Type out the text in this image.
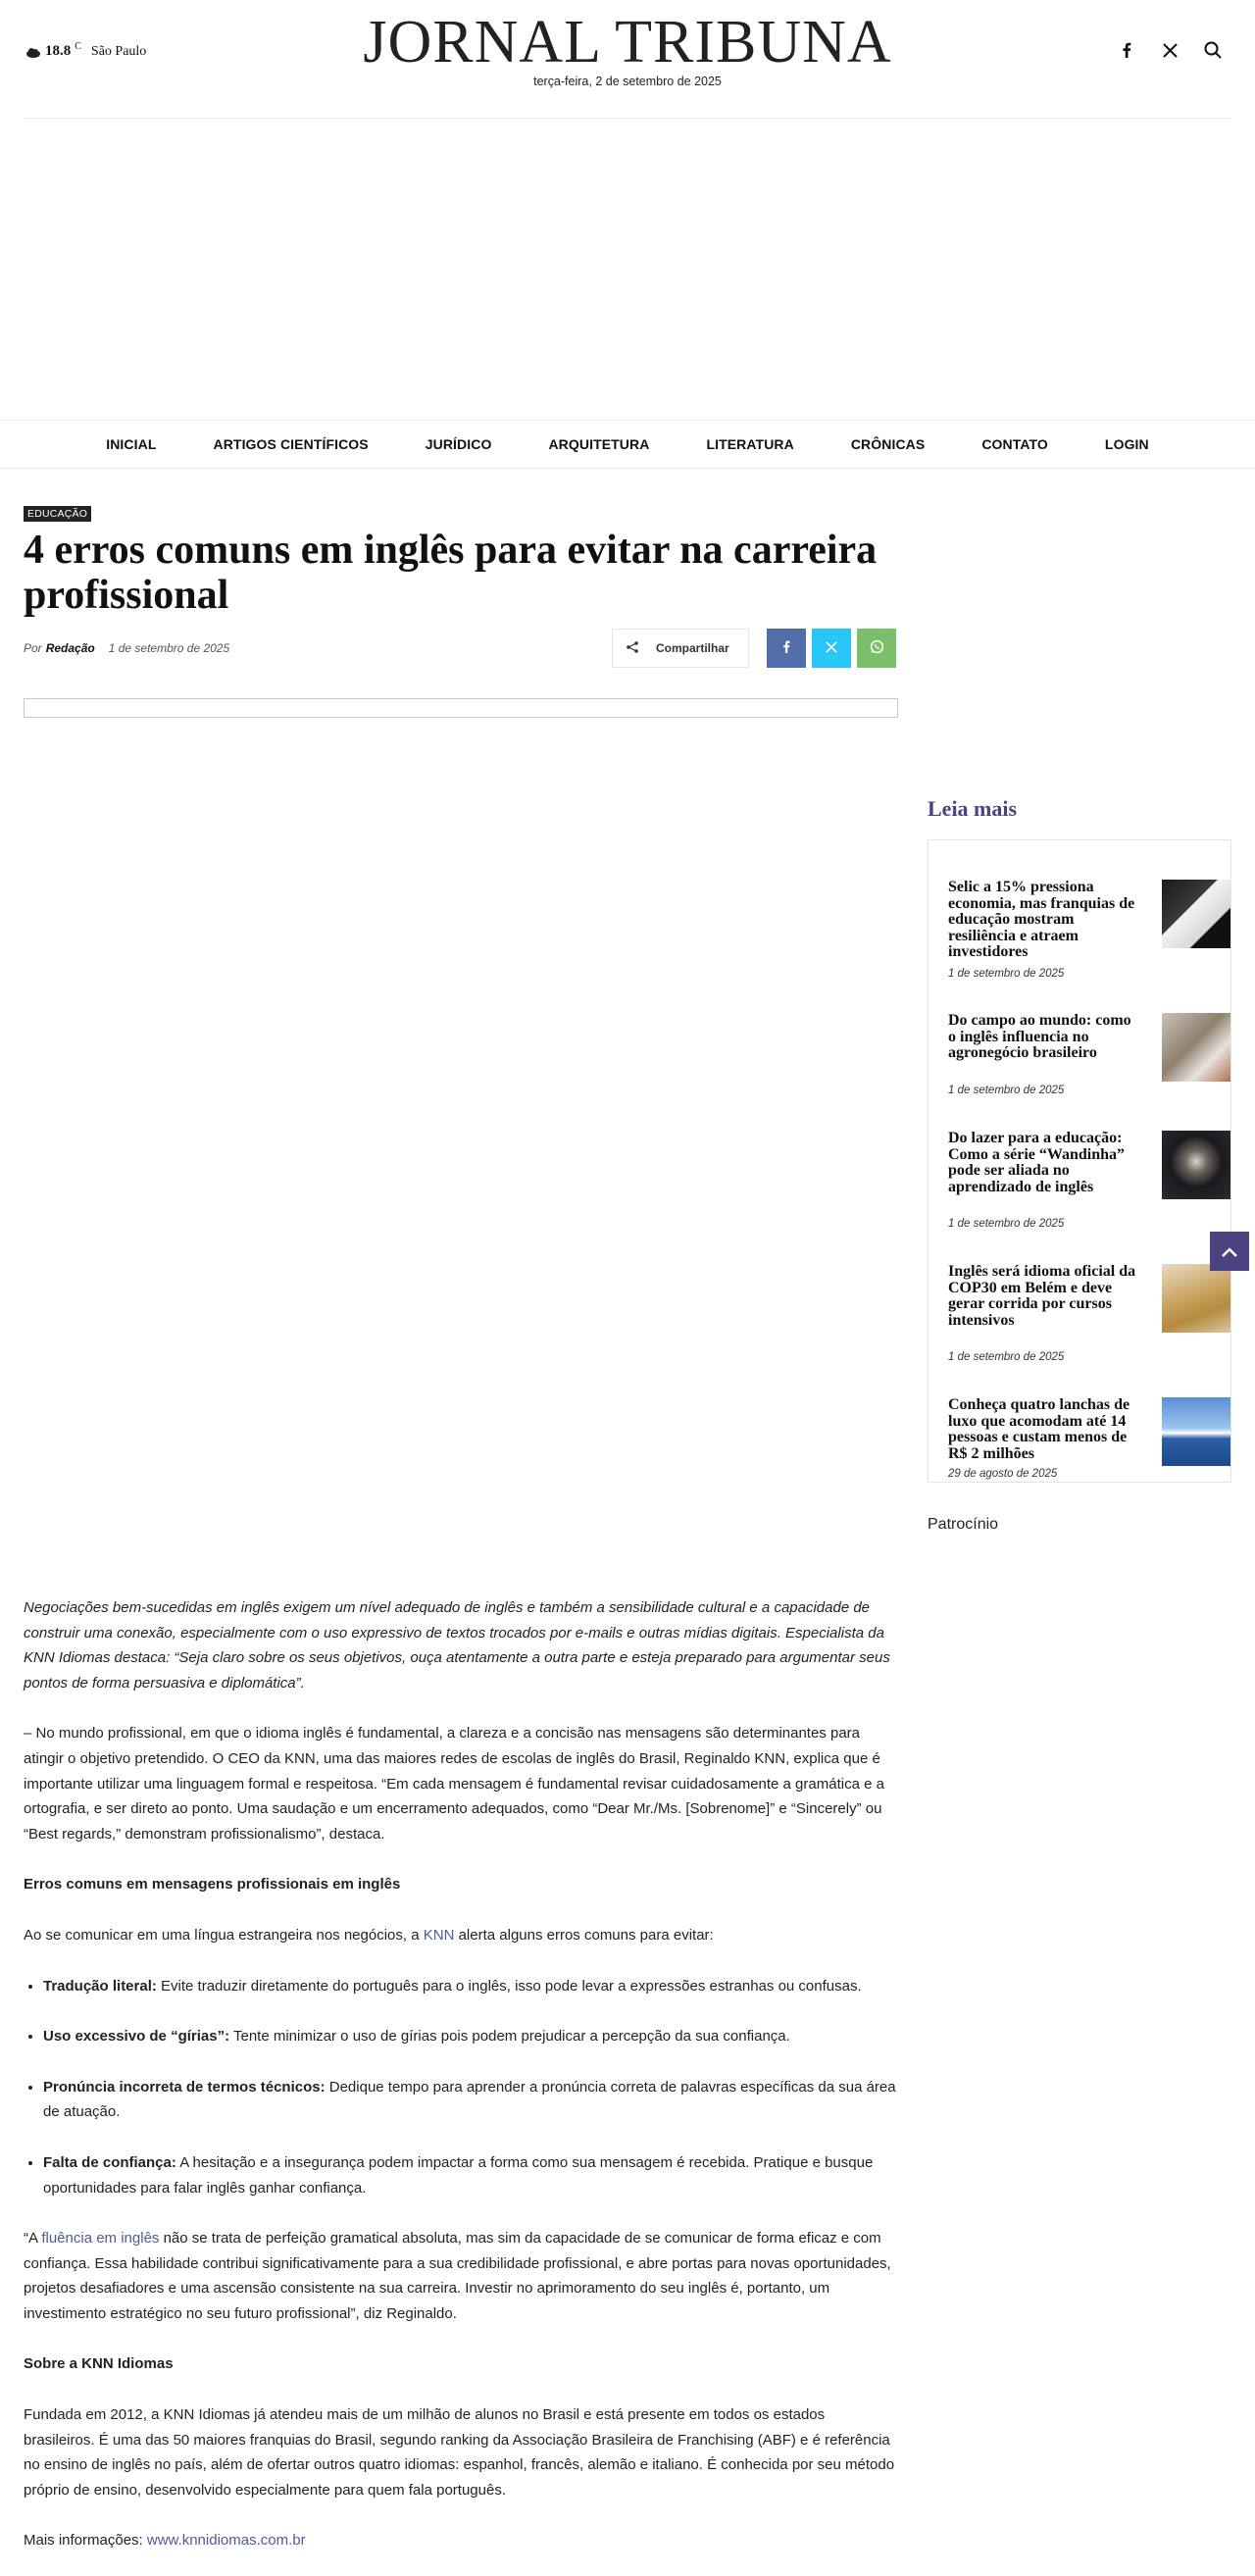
18.8 C São Paulo	JORNAL TRIBUNA
terça-feira, 2 de setembro de 2025
INICIAL	ARTIGOS CIENTÍFICOS	JURÍDICO	ARQUITETURA	LITERATURA	CRÔNICAS	CONTATO	LOGIN
EDUCAÇÃO
4 erros comuns em inglês para evitar na carreira profissional
Por Redação 1 de setembro de 2025	Compartilhar

Negociações bem-sucedidas em inglês exigem um nível adequado de inglês e também a sensibilidade cultural e a capacidade de construir uma conexão, especialmente com o uso expressivo de textos trocados por e-mails e outras mídias digitais. Especialista da KNN Idiomas destaca: “Seja claro sobre os seus objetivos, ouça atentamente a outra parte e esteja preparado para argumentar seus pontos de forma persuasiva e diplomática”.

– No mundo profissional, em que o idioma inglês é fundamental, a clareza e a concisão nas mensagens são determinantes para atingir o objetivo pretendido. O CEO da KNN, uma das maiores redes de escolas de inglês do Brasil, Reginaldo KNN, explica que é importante utilizar uma linguagem formal e respeitosa. “Em cada mensagem é fundamental revisar cuidadosamente a gramática e a ortografia, e ser direto ao ponto. Uma saudação e um encerramento adequados, como “Dear Mr./Ms. [Sobrenome]” e “Sincerely” ou “Best regards,” demonstram profissionalismo”, destaca.

Erros comuns em mensagens profissionais em inglês

Ao se comunicar em uma língua estrangeira nos negócios, a KNN alerta alguns erros comuns para evitar:

• Tradução literal: Evite traduzir diretamente do português para o inglês, isso pode levar a expressões estranhas ou confusas.
• Uso excessivo de “gírias”: Tente minimizar o uso de gírias pois podem prejudicar a percepção da sua confiança.
• Pronúncia incorreta de termos técnicos: Dedique tempo para aprender a pronúncia correta de palavras específicas da sua área de atuação.
• Falta de confiança: A hesitação e a insegurança podem impactar a forma como sua mensagem é recebida. Pratique e busque oportunidades para falar inglês ganhar confiança.

“A fluência em inglês não se trata de perfeição gramatical absoluta, mas sim da capacidade de se comunicar de forma eficaz e com confiança. Essa habilidade contribui significativamente para a sua credibilidade profissional, e abre portas para novas oportunidades, projetos desafiadores e uma ascensão consistente na sua carreira. Investir no aprimoramento do seu inglês é, portanto, um investimento estratégico no seu futuro profissional”, diz Reginaldo.

Sobre a KNN Idiomas

Fundada em 2012, a KNN Idiomas já atendeu mais de um milhão de alunos no Brasil e está presente em todos os estados brasileiros. É uma das 50 maiores franquias do Brasil, segundo ranking da Associação Brasileira de Franchising (ABF) e é referência no ensino de inglês no país, além de ofertar outros quatro idiomas: espanhol, francês, alemão e italiano. É conhecida por seu método próprio de ensino, desenvolvido especialmente para quem fala português.

Mais informações: www.knnidiomas.com.br

Leia mais
Selic a 15% pressiona economia, mas franquias de educação mostram resiliência e atraem investidores
1 de setembro de 2025
Do campo ao mundo: como o inglês influencia no agronegócio brasileiro
1 de setembro de 2025
Do lazer para a educação: Como a série “Wandinha” pode ser aliada no aprendizado de inglês
1 de setembro de 2025
Inglês será idioma oficial da COP30 em Belém e deve gerar corrida por cursos intensivos
1 de setembro de 2025
Conheça quatro lanchas de luxo que acomodam até 14 pessoas e custam menos de R$ 2 milhões
29 de agosto de 2025
Patrocínio
